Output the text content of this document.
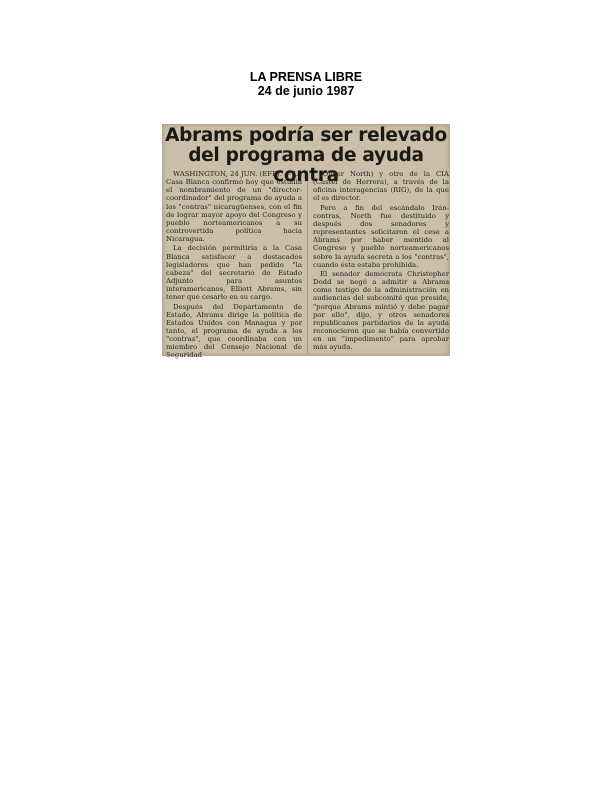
LA PRENSA LIBRE
24 de junio 1987
Abrams podría ser relevado
del programa de ayuda contra

WASHINGTON, 24 JUN. (EFE). — La Casa Blanca confirmó hoy que estudia el nombramiento de un "director-coordinador" del programa de ayuda a los "contras" nicaragüenses, con el fin de lograr mayor apoyo del Congreso y pueblo norteamericanos a su controvertida política hacia Nicaragua.

La decisión permitiría a la Casa Blanca satisfacer a destacados legisladores que han pedido "la cabeza" del secretario de Estado Adjunto para asuntos interamericanos, Elliott Abrams, sin tener que cesarlo en su cargo.

Después del Departamento de Estado, Abrams dirige la política de Estados Unidos con Managua y por tanto, el programa de ayuda a los "contras", que coordinaba con un miembro del Consejo Nacional de Seguridad

(Oliver North) y otro de la CIA (Castel de Herrera), a través de la oficina interagencias (RIG), de la que el es director.

Pero a fin del escándalo Irán-contras, North fue destituido y después dos senadores y representantes solicitaron el cese a Abrams por haber mentido al Congreso y pueblo norteamericanos sobre la ayuda secreta a los "contras", cuando ésta estaba prohibida.

El senador demócrata Christopher Dodd se negó a admitir a Abrams como testigo de la administración en audiencias del subcomité que preside, "porque Abrams mintió y debe pagar por ello", dijo, y otros senadores republicanos partidarios de la ayuda reconocieron que se había convertido en un "impedimento" para aprobar más ayuda.
